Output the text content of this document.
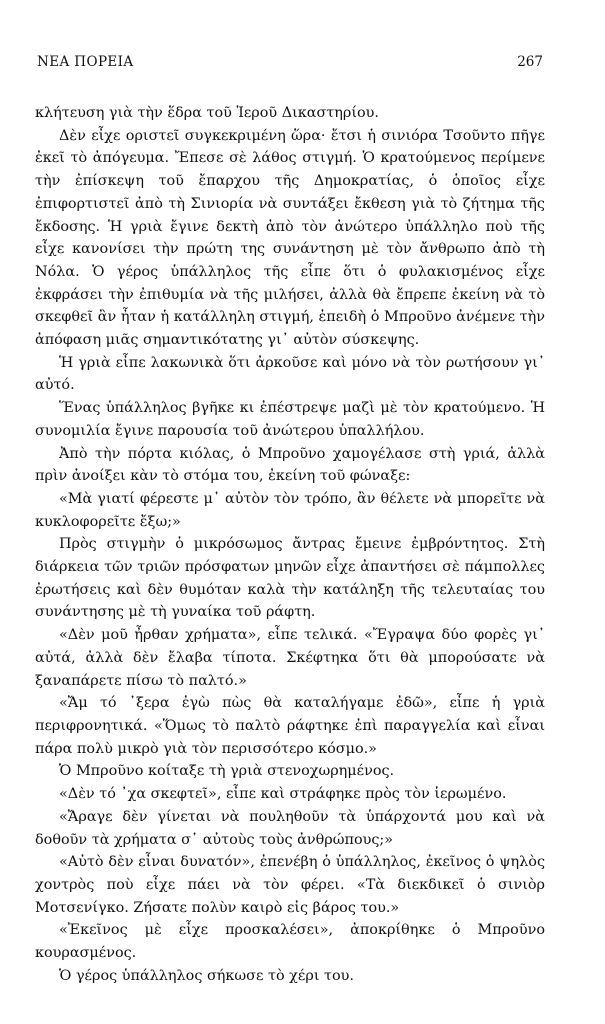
ΝΕΑ ΠΟΡΕΙΑ	267

κλήτευση γιὰ τὴν ἕδρα τοῦ Ἱεροῦ Δικαστηρίου.

Δὲν εἶχε οριστεῖ συγκεκριμένη ὥρα· ἔτσι ἡ σινιόρα Τσοῦντο πῆγε ἐκεῖ τὸ ἀπόγευμα. Ἔπεσε σὲ λάθος στιγμή. Ὁ κρατούμενος περίμενε τὴν ἐπίσκεψη τοῦ ἔπαρχου τῆς Δημοκρατίας, ὁ ὁποῖος εἶχε ἐπιφορτιστεῖ ἀπὸ τὴ Σινιορία νὰ συντάξει ἔκθεση γιὰ τὸ ζήτημα τῆς ἔκδοσης. Ἡ γριὰ ἔγινε δεκτὴ ἀπὸ τὸν ἀνώτερο ὑπάλληλο ποὺ τῆς εἶχε κανονίσει τὴν πρώτη της συνάντηση μὲ τὸν ἄνθρωπο ἀπὸ τὴ Νόλα. Ὁ γέρος ὑπάλληλος τῆς εἶπε ὅτι ὁ φυλακισμένος εἶχε ἐκφράσει τὴν ἐπιθυμία νὰ τῆς μιλήσει, ἀλλὰ θὰ ἔπρεπε ἐκείνη νὰ τὸ σκεφθεῖ ἂν ἦταν ἡ κατάλληλη στιγμή, ἐπειδὴ ὁ Μπροῦνο ἀνέμενε τὴν ἀπόφαση μιᾶς σημαντικότατης γι᾽ αὐτὸν σύσκεψης.

Ἡ γριὰ εἶπε λακωνικὰ ὅτι ἀρκοῦσε καὶ μόνο νὰ τὸν ρωτήσουν γι᾽ αὐτό.

Ἕνας ὑπάλληλος βγῆκε κι ἐπέστρεψε μαζὶ μὲ τὸν κρατούμενο. Ἡ συνομιλία ἔγινε παρουσία τοῦ ἀνώτερου ὑπαλλήλου.

Ἀπὸ τὴν πόρτα κιόλας, ὁ Μπροῦνο χαμογέλασε στὴ γριά, ἀλλὰ πρὶν ἀνοίξει κὰν τὸ στόμα του, ἐκείνη τοῦ φώναξε:

«Μὰ γιατί φέρεστε μ᾽ αὐτὸν τὸν τρόπο, ἂν θέλετε νὰ μπορεῖτε νὰ κυκλοφορεῖτε ἔξω;»

Πρὸς στιγμὴν ὁ μικρόσωμος ἄντρας ἔμεινε ἐμβρόντητος. Στὴ διάρκεια τῶν τριῶν πρόσφατων μηνῶν εἶχε ἀπαντήσει σὲ πάμπολλες ἐρωτήσεις καὶ δὲν θυμόταν καλὰ τὴν κατάληξη τῆς τελευταίας του συνάντησης μὲ τὴ γυναίκα τοῦ ράφτη.

«Δὲν μοῦ ἦρθαν χρήματα», εἶπε τελικά. «Ἔγραψα δύο φορὲς γι᾽ αὐτά, ἀλλὰ δὲν ἔλαβα τίποτα. Σκέφτηκα ὅτι θὰ μπορούσατε νὰ ξαναπάρετε πίσω τὸ παλτό.»

«Ἄμ τό ᾽ξερα ἐγὼ πὼς θὰ καταλήγαμε ἐδῶ», εἶπε ἡ γριὰ περιφρονητικά. «Ὅμως τὸ παλτὸ ράφτηκε ἐπὶ παραγγελία καὶ εἶναι πάρα πολὺ μικρὸ γιὰ τὸν περισσότερο κόσμο.»

Ὁ Μπροῦνο κοίταξε τὴ γριὰ στενοχωρημένος.

«Δὲν τό ᾽χα σκεφτεῖ», εἶπε καὶ στράφηκε πρὸς τὸν ἱερωμένο.

«Ἄραγε δὲν γίνεται νὰ πουληθοῦν τὰ ὑπάρχοντά μου καὶ νὰ δοθοῦν τὰ χρήματα σ᾽ αὐτοὺς τοὺς ἀνθρώπους;»

«Αὐτὸ δὲν εἶναι δυνατόν», ἐπενέβη ὁ ὑπάλληλος, ἐκεῖνος ὁ ψηλὸς χοντρὸς ποὺ εἶχε πάει νὰ τὸν φέρει. «Τὰ διεκδικεῖ ὁ σινιὸρ Μοτσενίγκο. Ζήσατε πολὺν καιρὸ εἰς βάρος του.»

«Ἐκεῖνος μὲ εἶχε προσκαλέσει», ἀποκρίθηκε ὁ Μπροῦνο κουρασμένος.

Ὁ γέρος ὑπάλληλος σήκωσε τὸ χέρι του.
